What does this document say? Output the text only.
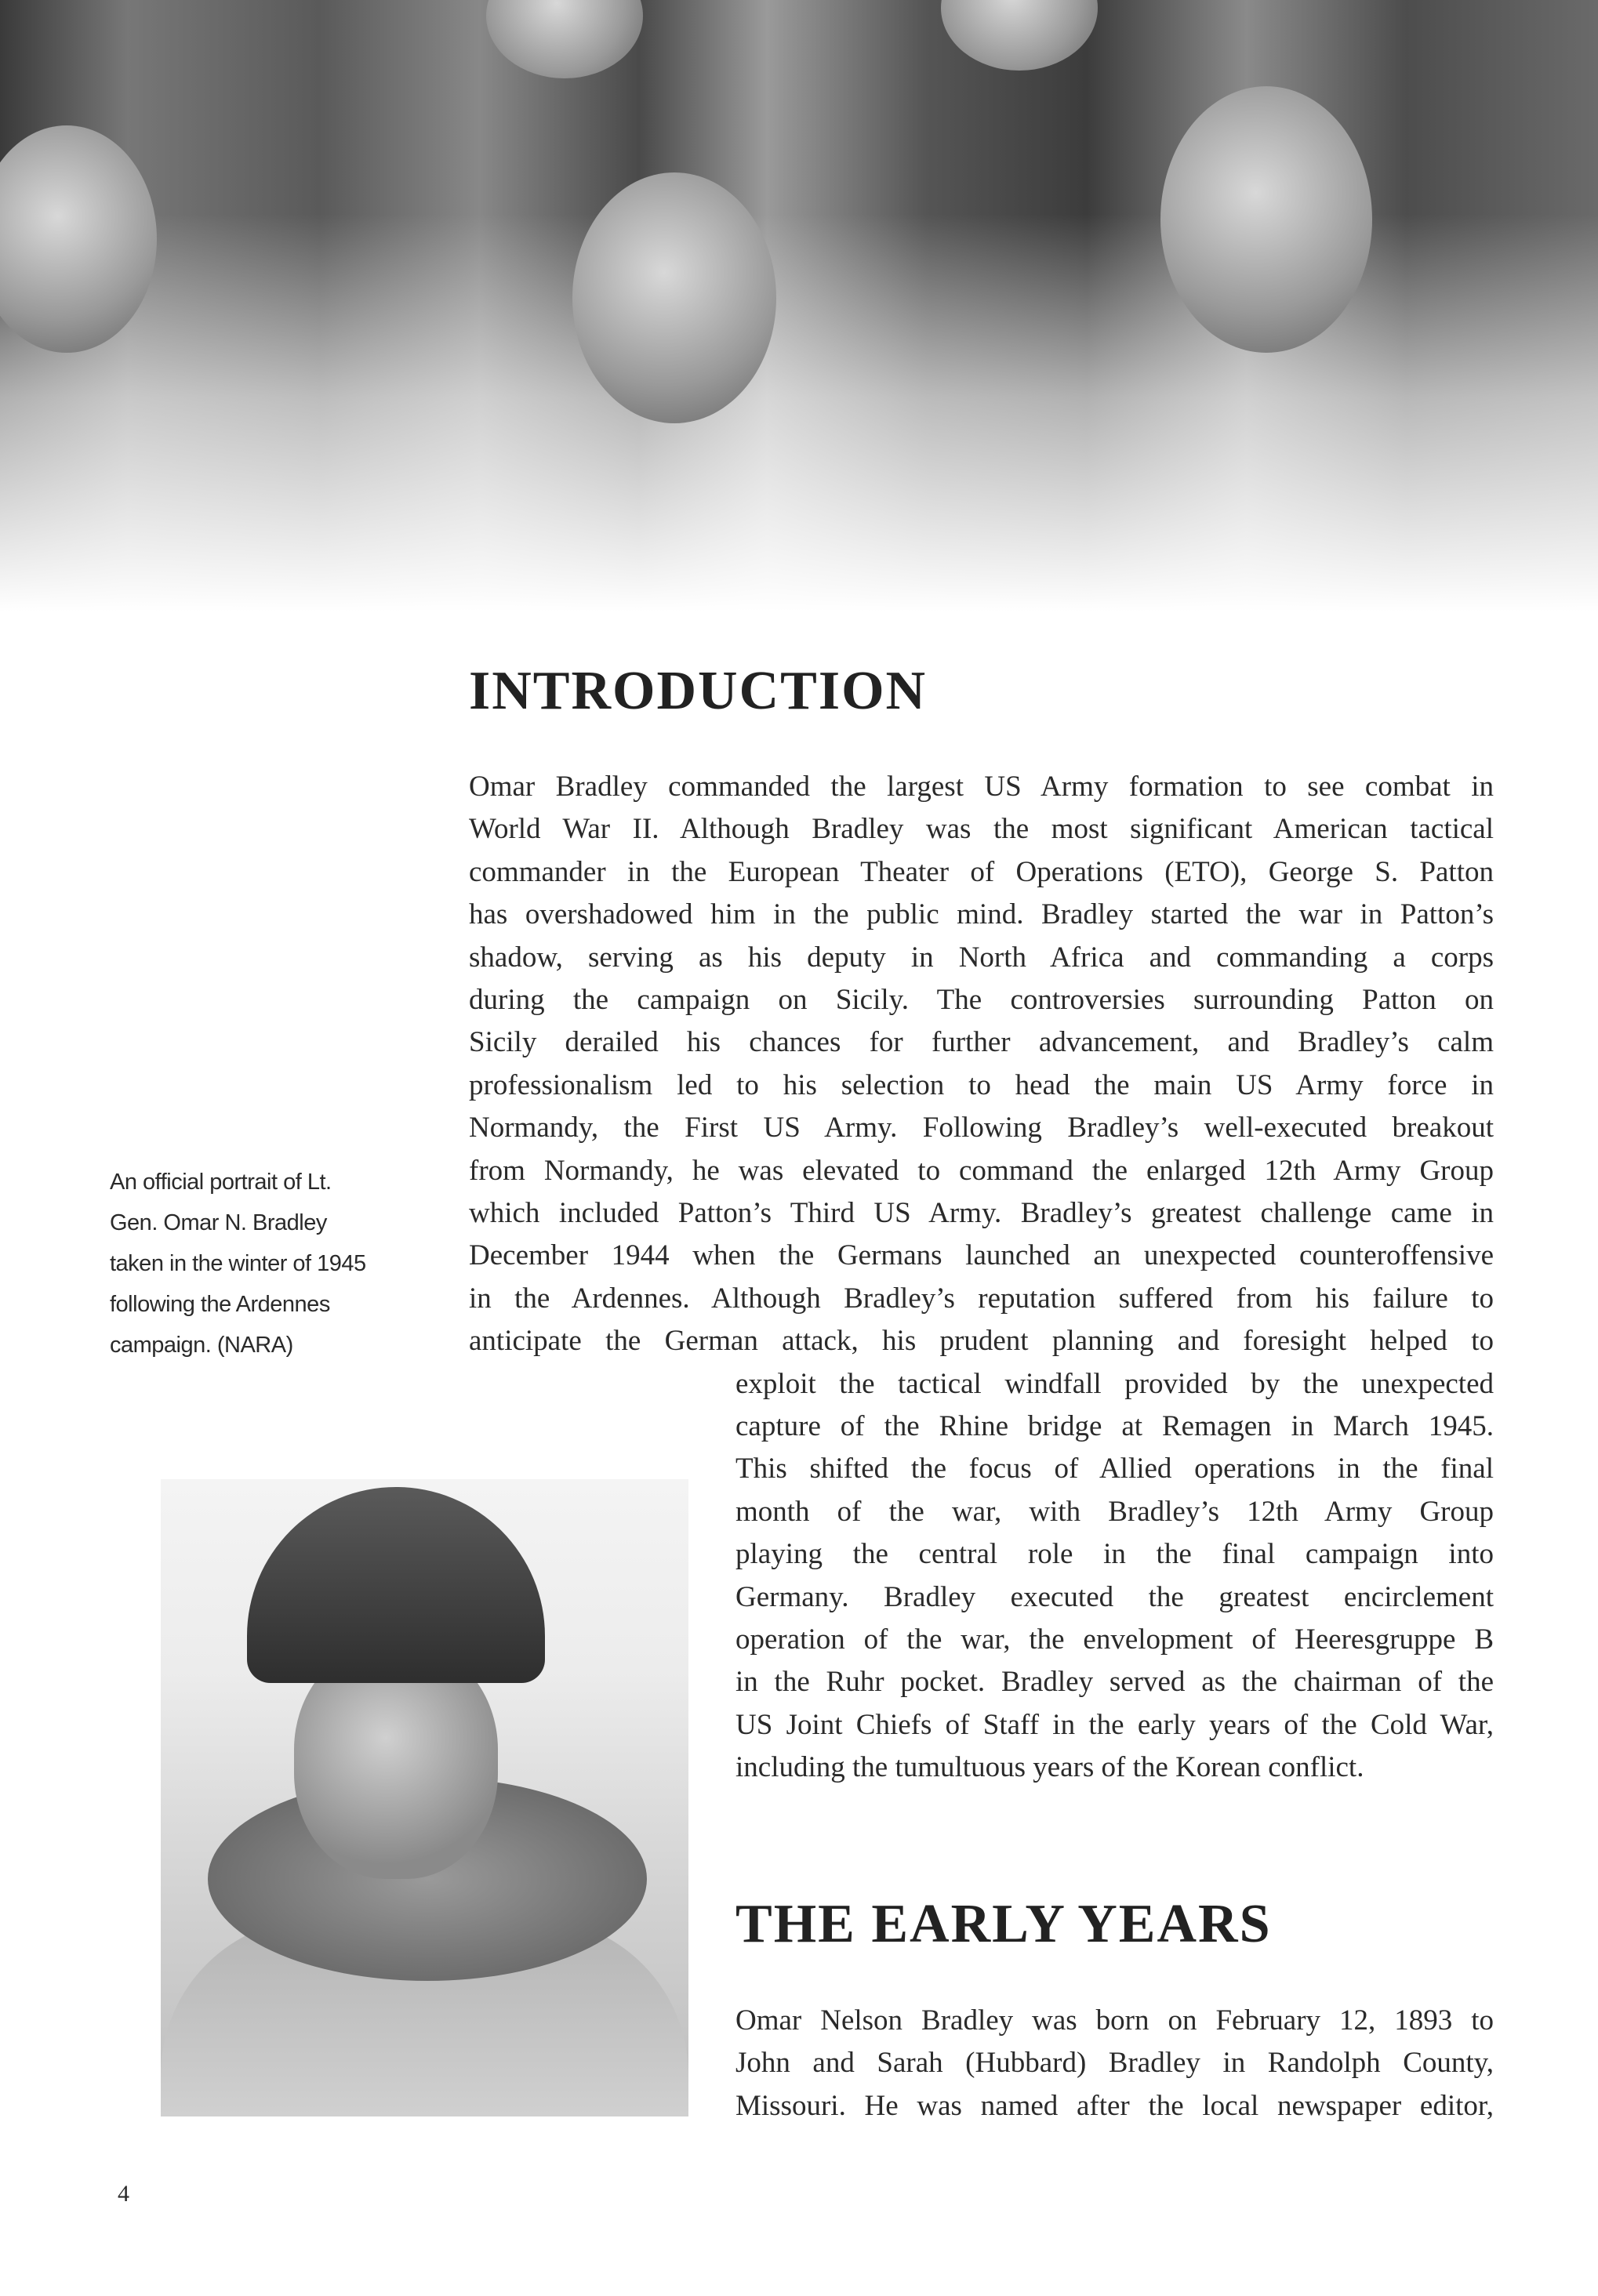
INTRODUCTION
Omar Bradley commanded the largest US Army formation to see combat in
World War II. Although Bradley was the most significant American tactical
commander in the European Theater of Operations (ETO), George S. Patton
has overshadowed him in the public mind. Bradley started the war in Patton’s
shadow, serving as his deputy in North Africa and commanding a corps
during the campaign on Sicily. The controversies surrounding Patton on
Sicily derailed his chances for further advancement, and Bradley’s calm
professionalism led to his selection to head the main US Army force in
Normandy, the First US Army. Following Bradley’s well-executed breakout
from Normandy, he was elevated to command the enlarged 12th Army Group
which included Patton’s Third US Army. Bradley’s greatest challenge came in
December 1944 when the Germans launched an unexpected counteroffensive
in the Ardennes. Although Bradley’s reputation suffered from his failure to
anticipate the German attack, his prudent planning and foresight helped to
exploit the tactical windfall provided by the unexpected
capture of the Rhine bridge at Remagen in March 1945.
This shifted the focus of Allied operations in the final
month of the war, with Bradley’s 12th Army Group
playing the central role in the final campaign into
Germany. Bradley executed the greatest encirclement
operation of the war, the envelopment of Heeresgruppe B
in the Ruhr pocket. Bradley served as the chairman of the
US Joint Chiefs of Staff in the early years of the Cold War,
including the tumultuous years of the Korean conflict.
An official portrait of Lt.
Gen. Omar N. Bradley
taken in the winter of 1945
following the Ardennes
campaign. (NARA)
THE EARLY YEARS
Omar Nelson Bradley was born on February 12, 1893 to
John and Sarah (Hubbard) Bradley in Randolph County,
Missouri. He was named after the local newspaper editor,
4
